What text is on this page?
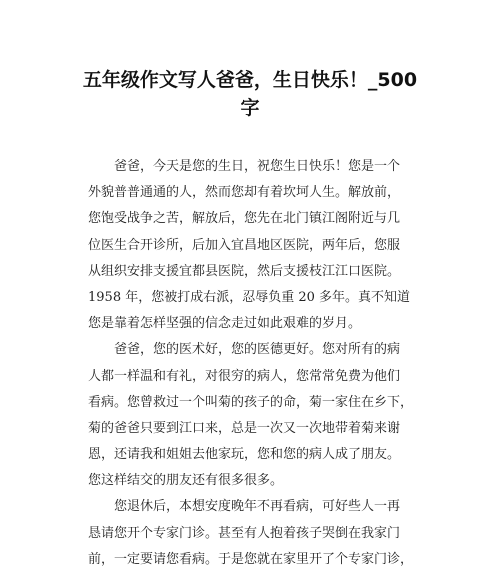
五年级作文写人爸爸，生日快乐！_500
字

爸爸，今天是您的生日，祝您生日快乐！您是一个
外貌普普通通的人，然而您却有着坎坷人生。解放前，
您饱受战争之苦，解放后，您先在北门镇江阁附近与几
位医生合开诊所，后加入宜昌地区医院，两年后，您服
从组织安排支援宜都县医院，然后支援枝江江口医院。
1958 年，您被打成右派，忍辱负重 20 多年。真不知道
您是靠着怎样坚强的信念走过如此艰难的岁月。

爸爸，您的医术好，您的医德更好。您对所有的病
人都一样温和有礼，对很穷的病人，您常常免费为他们
看病。您曾救过一个叫菊的孩子的命，菊一家住在乡下，
菊的爸爸只要到江口来，总是一次又一次地带着菊来谢
恩，还请我和姐姐去他家玩，您和您的病人成了朋友。
您这样结交的朋友还有很多很多。

您退休后，本想安度晚年不再看病，可好些人一再
恳请您开个专家门诊。甚至有人抱着孩子哭倒在我家门
前，一定要请您看病。于是您就在家里开了个专家门诊，
